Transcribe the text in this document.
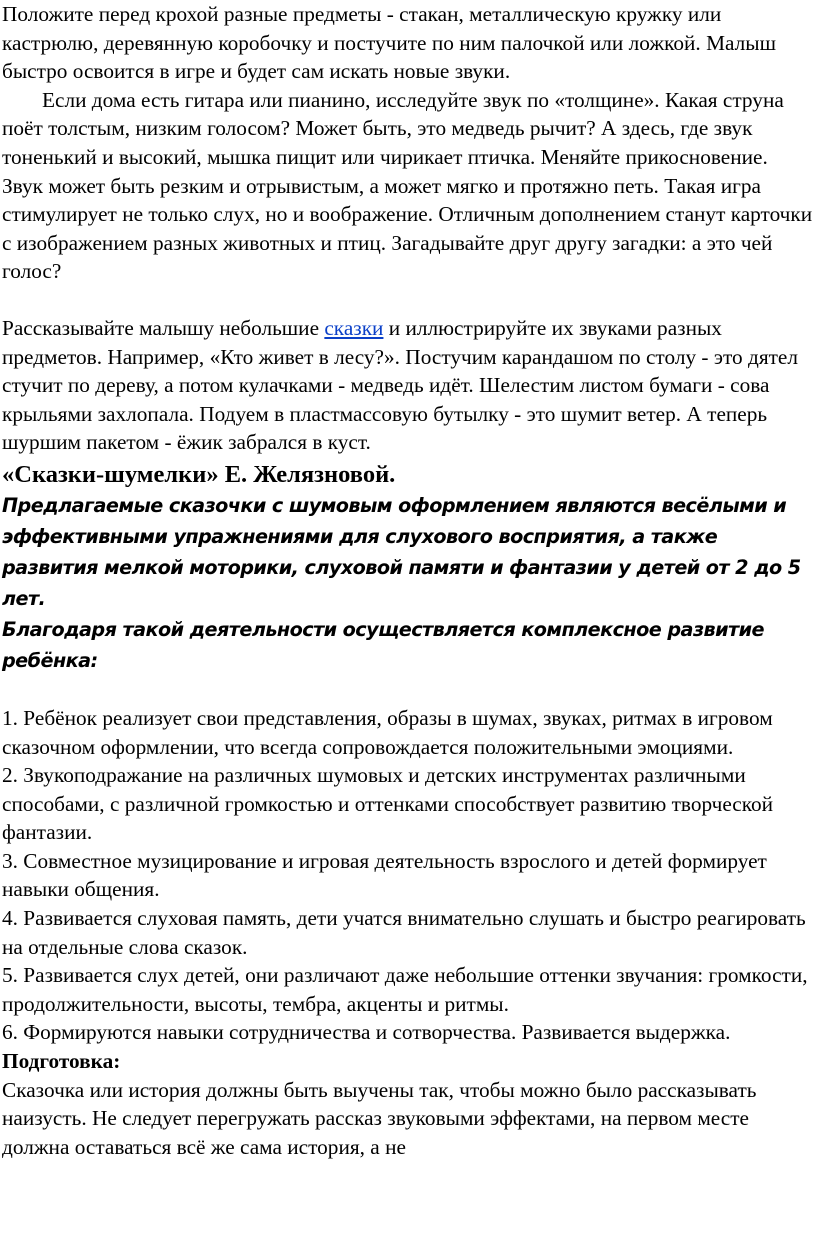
Положите перед крохой разные предметы - стакан, металлическую кружку или кастрюлю, деревянную коробочку и постучите по ним палочкой или ложкой. Малыш быстро освоится в игре и будет сам искать новые звуки.

Если дома есть гитара или пианино, исследуйте звук по «толщине». Какая струна поёт толстым, низким голосом? Может быть, это медведь рычит? А здесь, где звук тоненький и высокий, мышка пищит или чирикает птичка. Меняйте прикосновение. Звук может быть резким и отрывистым, а может мягко и протяжно петь. Такая игра стимулирует не только слух, но и воображение. Отличным дополнением станут карточки с изображением разных животных и птиц. Загадывайте друг другу загадки: а это чей голос?

Рассказывайте малышу небольшие сказки и иллюстрируйте их звуками разных предметов. Например, «Кто живет в лесу?». Постучим карандашом по столу - это дятел стучит по дереву, а потом кулачками - медведь идёт. Шелестим листом бумаги - сова крыльями захлопала. Подуем в пластмассовую бутылку - это шумит ветер. А теперь шуршим пакетом - ёжик забрался в куст.

«Сказки-шумелки» Е. Желязновой.

Предлагаемые сказочки с шумовым оформлением являются весёлыми и эффективными упражнениями для слухового восприятия, а также развития мелкой моторики, слуховой памяти и фантазии у детей от 2 до 5 лет.

Благодаря такой деятельности осуществляется комплексное развитие ребёнка:

1. Ребёнок реализует свои представления, образы в шумах, звуках, ритмах в игровом сказочном оформлении, что всегда сопровождается положительными эмоциями.

2. Звукоподражание на различных шумовых и детских инструментах различными способами, с различной громкостью и оттенками способствует развитию творческой фантазии.

3. Совместное музицирование и игровая деятельность взрослого и детей формирует навыки общения.

4. Развивается слуховая память, дети учатся внимательно слушать и быстро реагировать на отдельные слова сказок.

5. Развивается слух детей, они различают даже небольшие оттенки звучания: громкости, продолжительности, высоты, тембра, акценты и ритмы.

6. Формируются навыки сотрудничества и сотворчества. Развивается выдержка.

Подготовка:

Сказочка или история должны быть выучены так, чтобы можно было рассказывать наизусть. Не следует перегружать рассказ звуковыми эффектами, на первом месте должна оставаться всё же сама история, а не
